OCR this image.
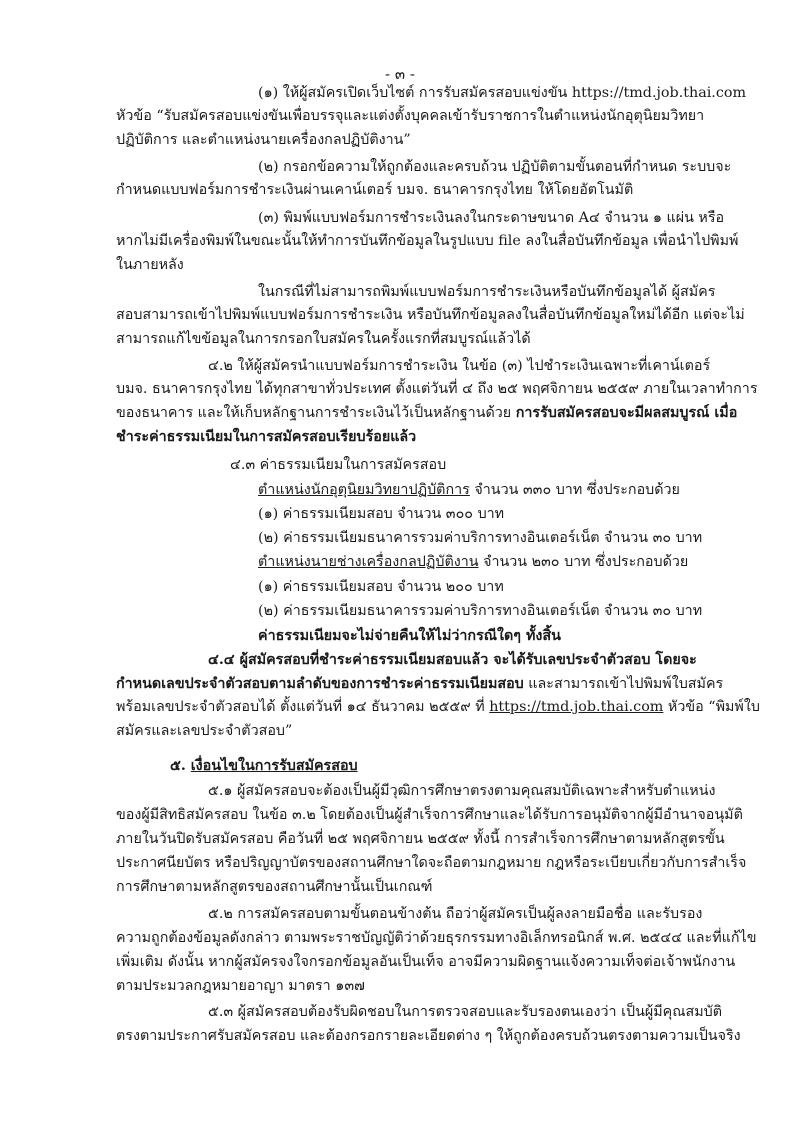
- ๓ -
(๑) ให้ผู้สมัครเปิดเว็บไซต์ การรับสมัครสอบแข่งขัน https://tmd.job.thai.com
หัวข้อ “รับสมัครสอบแข่งขันเพื่อบรรจุและแต่งตั้งบุคคลเข้ารับราชการในตำแหน่งนักอุตุนิยมวิทยา
ปฏิบัติการ และตำแหน่งนายเครื่องกลปฏิบัติงาน”
(๒) กรอกข้อความให้ถูกต้องและครบถ้วน ปฏิบัติตามขั้นตอนที่กำหนด ระบบจะ
กำหนดแบบฟอร์มการชำระเงินผ่านเคาน์เตอร์ บมจ. ธนาคารกรุงไทย ให้โดยอัตโนมัติ
(๓) พิมพ์แบบฟอร์มการชำระเงินลงในกระดาษขนาด A๔ จำนวน ๑ แผ่น หรือ
หากไม่มีเครื่องพิมพ์ในขณะนั้นให้ทำการบันทึกข้อมูลในรูปแบบ file ลงในสื่อบันทึกข้อมูล เพื่อนำไปพิมพ์
ในภายหลัง
ในกรณีที่ไม่สามารถพิมพ์แบบฟอร์มการชำระเงินหรือบันทึกข้อมูลได้ ผู้สมัคร
สอบสามารถเข้าไปพิมพ์แบบฟอร์มการชำระเงิน หรือบันทึกข้อมูลลงในสื่อบันทึกข้อมูลใหม่ได้อีก แต่จะไม่
สามารถแก้ไขข้อมูลในการกรอกใบสมัครในครั้งแรกที่สมบูรณ์แล้วได้
๔.๒ ให้ผู้สมัครนำแบบฟอร์มการชำระเงิน ในข้อ (๓) ไปชำระเงินเฉพาะที่เคาน์เตอร์
บมจ. ธนาคารกรุงไทย ได้ทุกสาขาทั่วประเทศ ตั้งแต่วันที่ ๔ ถึง ๒๕ พฤศจิกายน ๒๕๕๙ ภายในเวลาทำการ
ของธนาคาร และให้เก็บหลักฐานการชำระเงินไว้เป็นหลักฐานด้วย การรับสมัครสอบจะมีผลสมบูรณ์ เมื่อ
ชำระค่าธรรมเนียมในการสมัครสอบเรียบร้อยแล้ว
๔.๓ ค่าธรรมเนียมในการสมัครสอบ
ตำแหน่งนักอุตุนิยมวิทยาปฏิบัติการ จำนวน ๓๓๐ บาท ซึ่งประกอบด้วย
(๑) ค่าธรรมเนียมสอบ จำนวน ๓๐๐ บาท
(๒) ค่าธรรมเนียมธนาคารรวมค่าบริการทางอินเตอร์เน็ต จำนวน ๓๐ บาท
ตำแหน่งนายช่างเครื่องกลปฏิบัติงาน จำนวน ๒๓๐ บาท ซึ่งประกอบด้วย
(๑) ค่าธรรมเนียมสอบ จำนวน ๒๐๐ บาท
(๒) ค่าธรรมเนียมธนาคารรวมค่าบริการทางอินเตอร์เน็ต จำนวน ๓๐ บาท
ค่าธรรมเนียมจะไม่จ่ายคืนให้ไม่ว่ากรณีใดๆ ทั้งสิ้น
๔.๔ ผู้สมัครสอบที่ชำระค่าธรรมเนียมสอบแล้ว จะได้รับเลขประจำตัวสอบ โดยจะ
กำหนดเลขประจำตัวสอบตามลำดับของการชำระค่าธรรมเนียมสอบ และสามารถเข้าไปพิมพ์ใบสมัคร
พร้อมเลขประจำตัวสอบได้ ตั้งแต่วันที่ ๑๔ ธันวาคม ๒๕๕๙ ที่ https://tmd.job.thai.com หัวข้อ “พิมพ์ใบ
สมัครและเลขประจำตัวสอบ”
๕. เงื่อนไขในการรับสมัครสอบ
๕.๑ ผู้สมัครสอบจะต้องเป็นผู้มีวุฒิการศึกษาตรงตามคุณสมบัติเฉพาะสำหรับตำแหน่ง
ของผู้มีสิทธิสมัครสอบ ในข้อ ๓.๒ โดยต้องเป็นผู้สำเร็จการศึกษาและได้รับการอนุมัติจากผู้มีอำนาจอนุมัติ
ภายในวันปิดรับสมัครสอบ คือวันที่ ๒๕ พฤศจิกายน ๒๕๕๙ ทั้งนี้ การสำเร็จการศึกษาตามหลักสูตรขั้น
ประกาศนียบัตร หรือปริญญาบัตรของสถานศึกษาใดจะถือตามกฎหมาย กฎหรือระเบียบเกี่ยวกับการสำเร็จ
การศึกษาตามหลักสูตรของสถานศึกษานั้นเป็นเกณฑ์
๕.๒ การสมัครสอบตามขั้นตอนข้างต้น ถือว่าผู้สมัครเป็นผู้ลงลายมือชื่อ และรับรอง
ความถูกต้องข้อมูลดังกล่าว ตามพระราชบัญญัติว่าด้วยธุรกรรมทางอิเล็กทรอนิกส์ พ.ศ. ๒๕๔๔ และที่แก้ไข
เพิ่มเติม ดังนั้น หากผู้สมัครจงใจกรอกข้อมูลอันเป็นเท็จ อาจมีความผิดฐานแจ้งความเท็จต่อเจ้าพนักงาน
ตามประมวลกฎหมายอาญา มาตรา ๑๓๗
๕.๓ ผู้สมัครสอบต้องรับผิดชอบในการตรวจสอบและรับรองตนเองว่า เป็นผู้มีคุณสมบัติ
ตรงตามประกาศรับสมัครสอบ และต้องกรอกรายละเอียดต่าง ๆ ให้ถูกต้องครบถ้วนตรงตามความเป็นจริง
